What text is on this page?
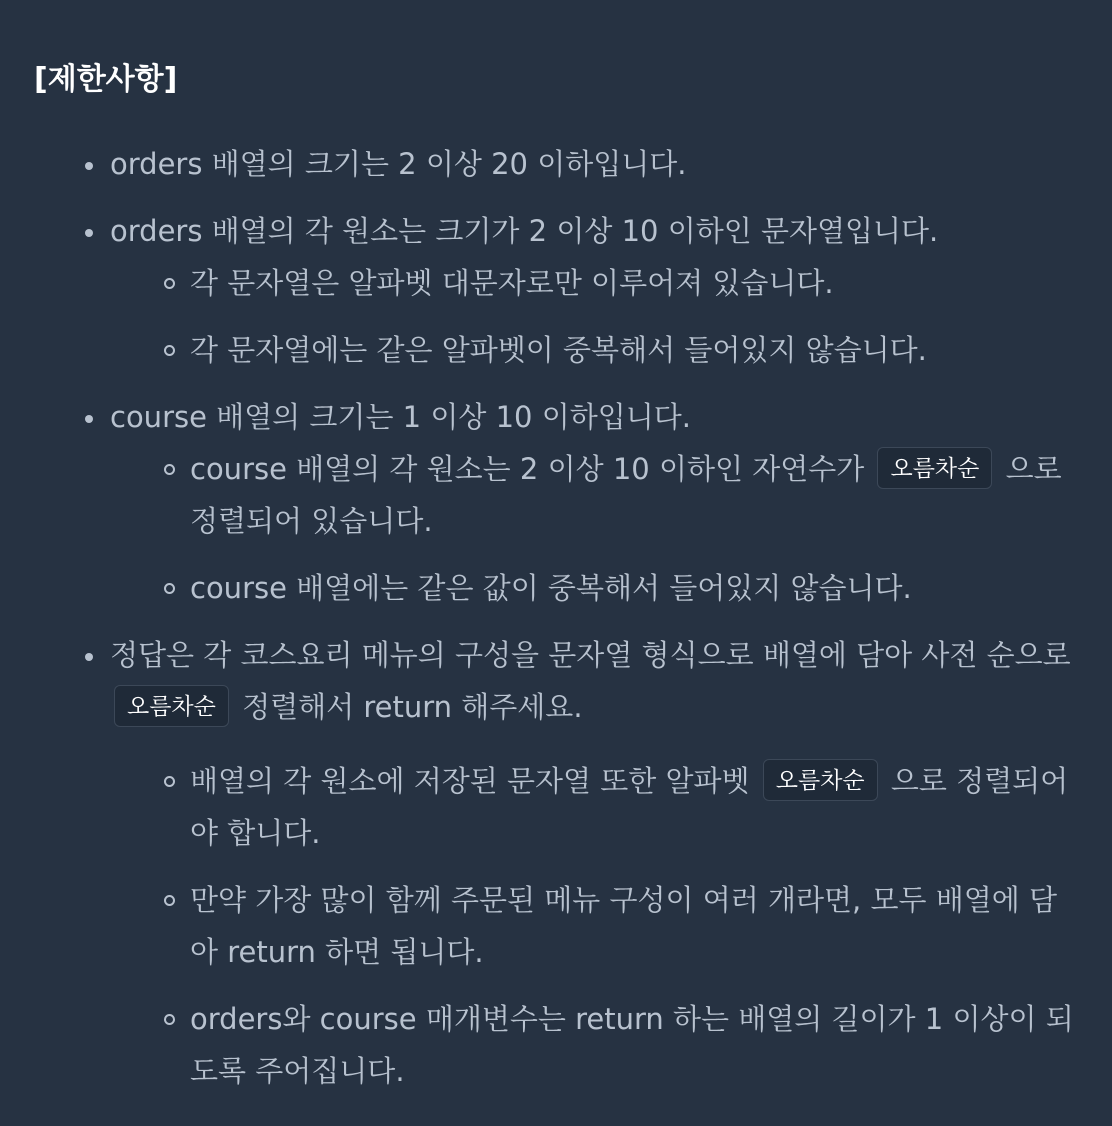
[제한사항]
orders 배열의 크기는 2 이상 20 이하입니다.
orders 배열의 각 원소는 크기가 2 이상 10 이하인 문자열입니다.
각 문자열은 알파벳 대문자로만 이루어져 있습니다.
각 문자열에는 같은 알파벳이 중복해서 들어있지 않습니다.
course 배열의 크기는 1 이상 10 이하입니다.
course 배열의 각 원소는 2 이상 10 이하인 자연수가 오름차순 으로 정렬되어 있습니다.
course 배열에는 같은 값이 중복해서 들어있지 않습니다.
정답은 각 코스요리 메뉴의 구성을 문자열 형식으로 배열에 담아 사전 순으로 오름차순 정렬해서 return 해주세요.
배열의 각 원소에 저장된 문자열 또한 알파벳 오름차순 으로 정렬되어야 합니다.
만약 가장 많이 함께 주문된 메뉴 구성이 여러 개라면, 모두 배열에 담아 return 하면 됩니다.
orders와 course 매개변수는 return 하는 배열의 길이가 1 이상이 되도록 주어집니다.
